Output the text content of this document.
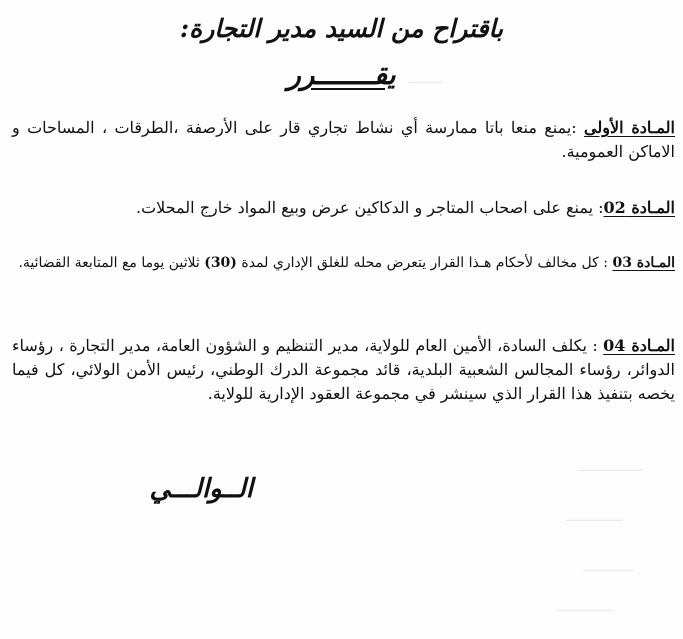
ـــــــــ
ـــــــــــــــــ
ـــــــــــــــ
ـــــــــــــ
ـــــــــــــــ
باقتراح من السيد مدير التجارة:
يقـــــــرر
المـادة الأولى :يمنع منعا باتا ممارسة أي نشاط تجاري قار على الأرصفة ،الطرقات ، المساحات و الاماكن العمومية.
المـادة 02: يمنع على اصحاب المتاجر و الدكاكين عرض وبيع المواد خارج المحلات.
المـادة 03 : كل مخالف لأحكام هـذا القرار يتعرض محله للغلق الإداري لمدة (30) ثلاثين يوما مع المتابعة القضائية.
المـادة 04 : يكلف السادة، الأمين العام للولاية، مدير التنظيم و الشؤون العامة، مدير التجارة ، رؤساء الدوائر، رؤساء المجالس الشعبية البلدية، قائد مجموعة الدرك الوطني، رئيس الأمن الولائي، كل فيما يخصه بتنفيذ هذا القرار الذي سينشر في مجموعة العقود الإدارية للولاية.
الــوالـــي
